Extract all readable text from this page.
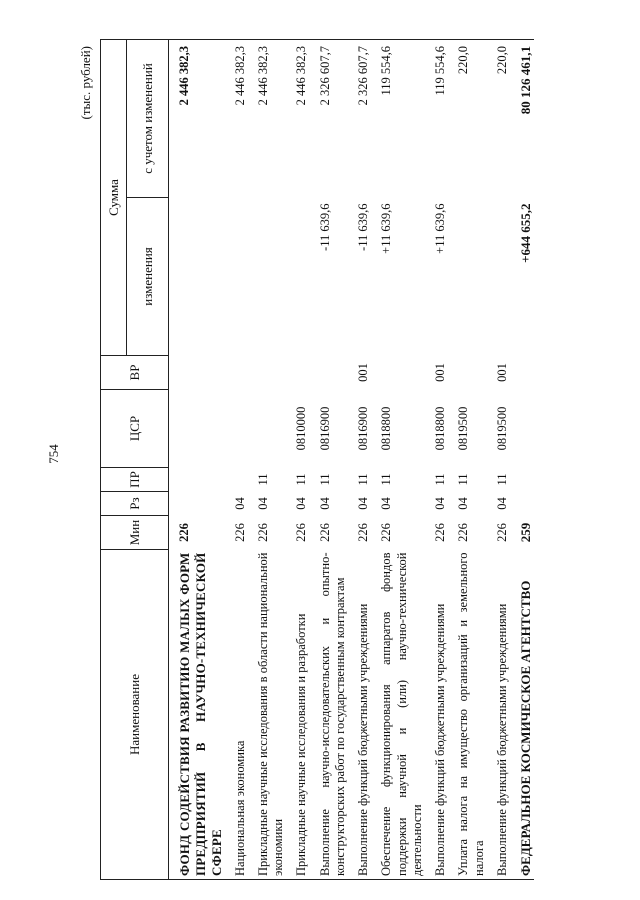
754
(тыс. рублей)
Наименование	Мин	Рз	ПР	ЦСР	ВР	Сумма	
						изменения	с учетом изменений
ФОНД СОДЕЙСТВИЯ РАЗВИТИЮ МАЛЫХ ФОРМ ПРЕДПРИЯТИЙ В НАУЧНО-ТЕХНИЧЕСКОЙ СФЕРЕ	226						2 446 382,3
Национальная экономика	226	04					2 446 382,3
Прикладные научные исследования в области национальной экономики	226	04	11				2 446 382,3
Прикладные научные исследования и разработки	226	04	11	0810000			2 446 382,3
Выполнение научно-исследовательских и опытно-конструкторских работ по государственным контрактам	226	04	11	0816900		-11 639,6	2 326 607,7
Выполнение функций бюджетными учреждениями	226	04	11	0816900	001	-11 639,6	2 326 607,7
Обеспечение функционирования аппаратов фондов поддержки научной и (или) научно-технической деятельности	226	04	11	0818800		+11 639,6	119 554,6
Выполнение функций бюджетными учреждениями	226	04	11	0818800	001	+11 639,6	119 554,6
Уплата налога на имущество организаций и земельного налога	226	04	11	0819500			220,0
Выполнение функций бюджетными учреждениями	226	04	11	0819500	001		220,0
ФЕДЕРАЛЬНОЕ КОСМИЧЕСКОЕ АГЕНТСТВО	259					+644 655,2	80 126 461,1
